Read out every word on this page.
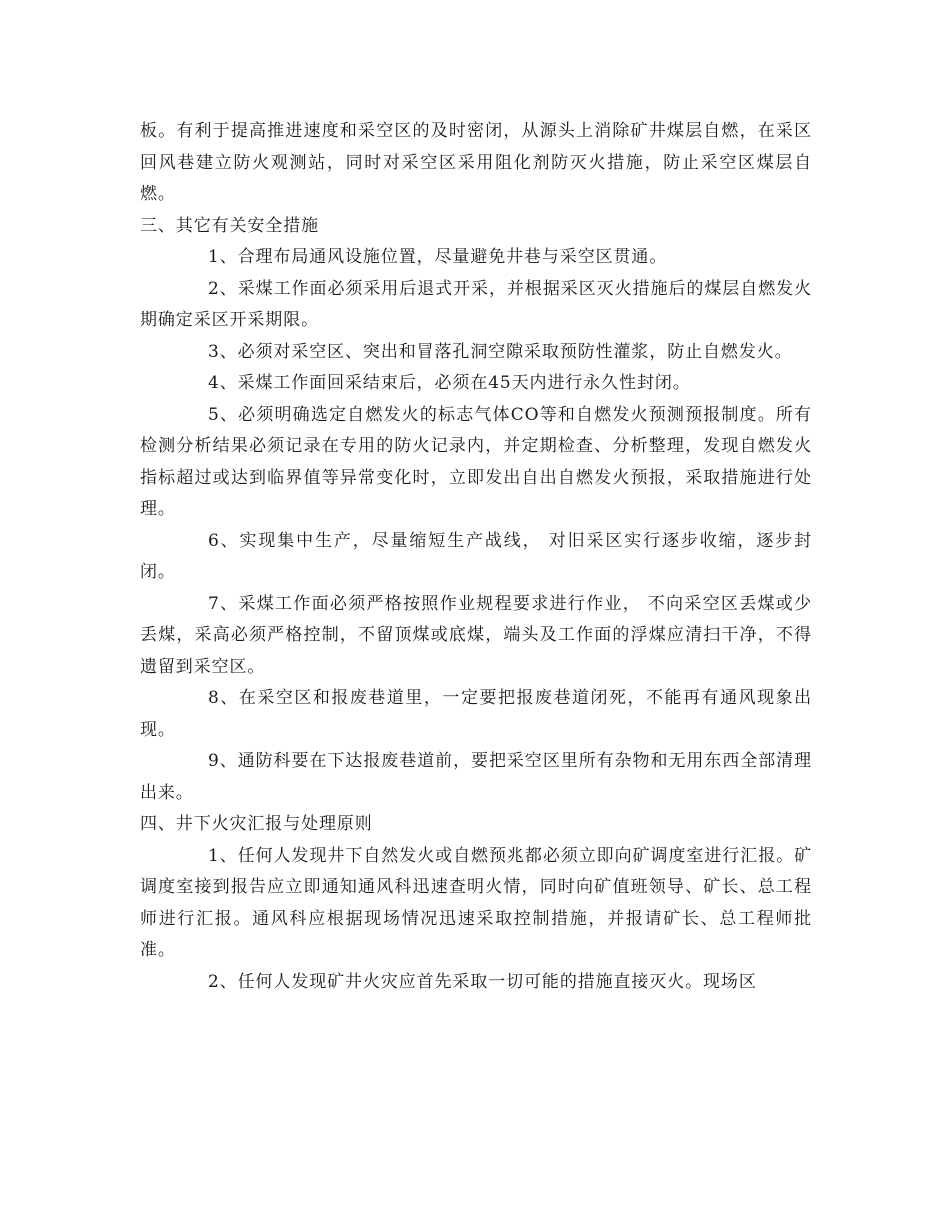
板。有利于提高推进速度和采空区的及时密闭，从源头上消除矿井煤层自燃，在采区回风巷建立防火观测站，同时对采空区采用阻化剂防灭火措施，防止采空区煤层自燃。

三、其它有关安全措施

1、合理布局通风设施位置，尽量避免井巷与采空区贯通。

2、采煤工作面必须采用后退式开采，并根据采区灭火措施后的煤层自燃发火期确定采区开采期限。

3、必须对采空区、突出和冒落孔洞空隙采取预防性灌浆，防止自燃发火。

4、采煤工作面回采结束后，必须在45天内进行永久性封闭。

5、必须明确选定自燃发火的标志气体CO等和自燃发火预测预报制度。所有检测分析结果必须记录在专用的防火记录内，并定期检查、分析整理，发现自燃发火指标超过或达到临界值等异常变化时，立即发出自出自燃发火预报，采取措施进行处理。

6、实现集中生产，尽量缩短生产战线， 对旧采区实行逐步收缩，逐步封闭。

7、采煤工作面必须严格按照作业规程要求进行作业， 不向采空区丢煤或少丢煤，采高必须严格控制，不留顶煤或底煤，端头及工作面的浮煤应清扫干净，不得遗留到采空区。

8、在采空区和报废巷道里，一定要把报废巷道闭死，不能再有通风现象出现。

9、通防科要在下达报废巷道前，要把采空区里所有杂物和无用东西全部清理出来。

四、井下火灾汇报与处理原则

1、任何人发现井下自然发火或自燃预兆都必须立即向矿调度室进行汇报。矿调度室接到报告应立即通知通风科迅速查明火情，同时向矿值班领导、矿长、总工程师进行汇报。通风科应根据现场情况迅速采取控制措施，并报请矿长、总工程师批准。

2、任何人发现矿井火灾应首先采取一切可能的措施直接灭火。现场区
